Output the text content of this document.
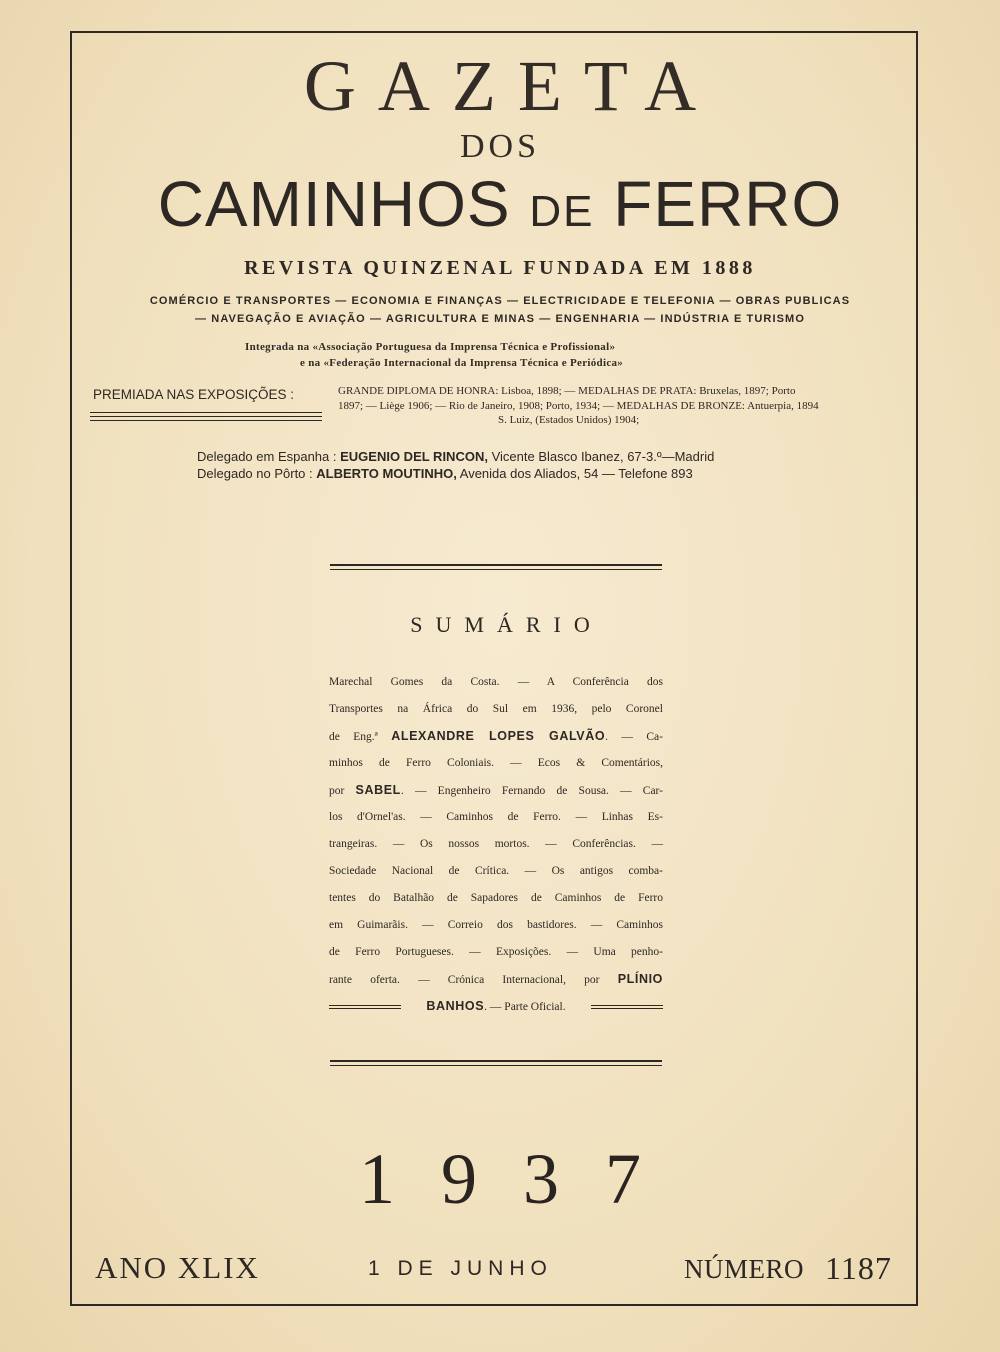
GAZETA
DOS
CAMINHOS DE FERRO
REVISTA QUINZENAL FUNDADA EM 1888
COMÉRCIO E TRANSPORTES — ECONOMIA E FINANÇAS — ELECTRICIDADE E TELEFONIA — OBRAS PUBLICAS
— NAVEGAÇÃO E AVIAÇÃO — AGRICULTURA E MINAS — ENGENHARIA — INDÚSTRIA E TURISMO
Integrada na «Associação Portuguesa da Imprensa Técnica e Profissional»
e na «Federação Internacional da Imprensa Técnica e Periódica»
PREMIADA NAS EXPOSIÇÕES :	GRANDE DIPLOMA DE HONRA: Lisboa, 1898; — MEDALHAS DE PRATA: Bruxelas, 1897; Porto
1897; — Liège 1906; — Rio de Janeiro, 1908; Porto, 1934; — MEDALHAS DE BRONZE: Antuerpia, 1894
S. Luiz, (Estados Unidos) 1904;
Delegado em Espanha : EUGENIO DEL RINCON, Vicente Blasco Ibanez, 67-3.º—Madrid
Delegado no Pôrto : ALBERTO MOUTINHO, Avenida dos Aliados, 54 — Telefone 893
SUMÁRIO
Marechal Gomes da Costa. — A Conferência dos
Transportes na África do Sul em 1936, pelo Coronel
de Eng.ª ALEXANDRE LOPES GALVÃO. — Ca-
minhos de Ferro Coloniais. — Ecos & Comentários,
por SABEL. — Engenheiro Fernando de Sousa. — Car-
los d'Ornel'as. — Caminhos de Ferro. — Linhas Es-
trangeiras. — Os nossos mortos. — Conferências. —
Sociedade Nacional de Crítica. — Os antigos comba-
tentes do Batalhão de Sapadores de Caminhos de Ferro
em Guimarãis. — Correio dos bastidores. — Caminhos
de Ferro Portugueses. — Exposições. — Uma penho-
rante oferta. — Crónica Internacional, por PLÍNIO
BANHOS. — Parte Oficial.
1937
ANO XLIX	1 DE JUNHO	NÚMERO 1187
